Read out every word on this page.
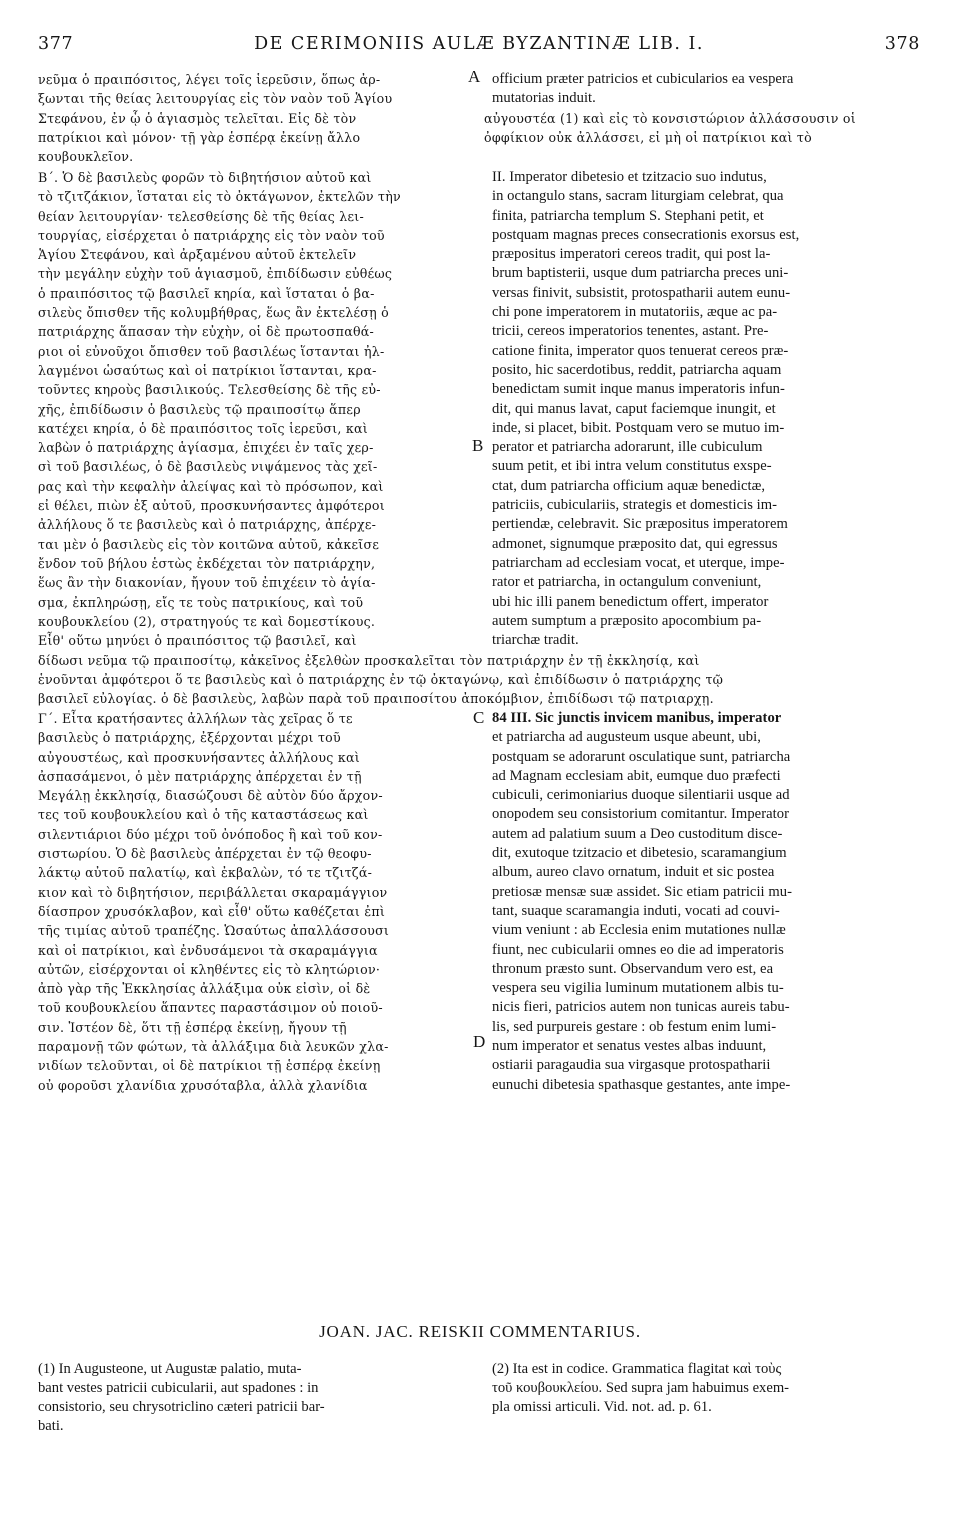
377	DE CERIMONIIS AULÆ BYZANTINÆ LIB. I.	378
νεῦμα ὁ πραιπόσιτος, λέγει τοῖς ἱερεῦσιν, ὅπως ἀρ-
ξωνται τῆς θείας λειτουργίας εἰς τὸν ναὸν τοῦ Ἁγίου
Στεφάνου, ἐν ᾧ ὁ ἁγιασμὸς τελεῖται. Εἰς δὲ τὸν
πατρίκιοι καὶ μόνον· τῇ γὰρ ἑσπέρᾳ ἐκείνῃ ἄλλο
κουβουκλεῖον.
A officium præter patricios et cubicularios ea vespera
mutatorias induit.
αὐγουστέα (1) καὶ εἰς τὸ κονσιστώριον ἀλλάσσουσιν οἱ
ὀφφίκιον οὐκ ἀλλάσσει, εἰ μὴ οἱ πατρίκιοι καὶ τὸ
Β΄. Ὁ δὲ βασιλεὺς φορῶν τὸ διβητήσιον αὐτοῦ καὶ
τὸ τζιτζάκιον, ἵσταται εἰς τὸ ὀκτάγωνον, ἐκτελῶν τὴν
θείαν λειτουργίαν· τελεσθείσης δὲ τῆς θείας λει-
τουργίας, εἰσέρχεται ὁ πατριάρχης εἰς τὸν ναὸν τοῦ
Ἁγίου Στεφάνου, καὶ ἀρξαμένου αὐτοῦ ἐκτελεῖν
τὴν μεγάλην εὐχὴν τοῦ ἁγιασμοῦ, ἐπιδίδωσιν εὐθέως
ὁ πραιπόσιτος τῷ βασιλεῖ κηρία, καὶ ἵσταται ὁ βα-
σιλεὺς ὄπισθεν τῆς κολυμβήθρας, ἕως ἂν ἐκτελέσῃ ὁ
πατριάρχης ἅπασαν τὴν εὐχὴν, οἱ δὲ πρωτοσπαθά-
ριοι οἱ εὐνοῦχοι ὄπισθεν τοῦ βασιλέως ἵστανται ἠλ-
λαγμένοι ὡσαύτως καὶ οἱ πατρίκιοι ἵστανται, κρα-
τοῦντες κηροὺς βασιλικούς. Τελεσθείσης δὲ τῆς εὐ-
χῆς, ἐπιδίδωσιν ὁ βασιλεὺς τῷ πραιποσίτῳ ἅπερ
κατέχει κηρία, ὁ δὲ πραιπόσιτος τοῖς ἱερεῦσι, καὶ
λαβὼν ὁ πατριάρχης ἁγίασμα, ἐπιχέει ἐν ταῖς χερ-
σὶ τοῦ βασιλέως, ὁ δὲ βασιλεὺς νιψάμενος τὰς χεῖ-
ρας καὶ τὴν κεφαλὴν ἀλείψας καὶ τὸ πρόσωπον, καὶ
εἰ θέλει, πιὼν ἐξ αὐτοῦ, προσκυνήσαντες ἀμφότεροι
ἀλλήλους ὅ τε βασιλεὺς καὶ ὁ πατριάρχης, ἀπέρχε-
ται μὲν ὁ βασιλεὺς εἰς τὸν κοιτῶνα αὐτοῦ, κἀκεῖσε
ἔνδον τοῦ βήλου ἑστὼς ἐκδέχεται τὸν πατριάρχην,
ἕως ἂν τὴν διακονίαν, ἤγουν τοῦ ἐπιχέειν τὸ ἁγία-
σμα, ἐκπληρώσῃ, εἴς τε τοὺς πατρικίους, καὶ τοῦ
κουβουκλείου (2), στρατηγούς τε καὶ δομεστίκους.
Εἶθ' οὕτω μηνύει ὁ πραιπόσιτος τῷ βασιλεῖ, καὶ
B
II. Imperator dibetesio et tzitzacio suo indutus,
in octangulo stans, sacram liturgiam celebrat, qua
finita, patriarcha templum S. Stephani petit, et
postquam magnas preces consecrationis exorsus est,
præpositus imperatori cereos tradit, qui post la-
brum baptisterii, usque dum patriarcha preces uni-
versas finivit, subsistit, protospatharii autem eunu-
chi pone imperatorem in mutatoriis, æque ac pa-
tricii, cereos imperatorios tenentes, astant. Pre-
catione finita, imperator quos tenuerat cereos præ-
posito, hic sacerdotibus, reddit, patriarcha aquam
benedictam sumit inque manus imperatoris infun-
dit, qui manus lavat, caput faciemque inungit, et
inde, si placet, bibit. Postquam vero se mutuo im-
perator et patriarcha adorarunt, ille cubiculum
suum petit, et ibi intra velum constitutus exspe-
ctat, dum patriarcha officium aquæ benedictæ,
patriciis, cubiculariis, strategis et domesticis im-
pertiendæ, celebravit. Sic præpositus imperatorem
admonet, signumque præposito dat, qui egressus
patriarcham ad ecclesiam vocat, et uterque, impe-
rator et patriarcha, in octangulum conveniunt,
ubi hic illi panem benedictum offert, imperator
autem sumptum a præposito apocombium pa-
triarchæ tradit.
δίδωσι νεῦμα τῷ πραιποσίτῳ, κἀκεῖνος ἐξελθὼν προσκαλεῖται τὸν πατριάρχην ἐν τῇ ἐκκλησίᾳ, καὶ
ἑνοῦνται ἀμφότεροι ὅ τε βασιλεὺς καὶ ὁ πατριάρχης ἐν τῷ ὀκταγώνῳ, καὶ ἐπιδίδωσιν ὁ πατριάρχης τῷ
βασιλεῖ εὐλογίας. ὁ δὲ βασιλεὺς, λαβὼν παρὰ τοῦ πραιποσίτου ἀποκόμβιον, ἐπιδίδωσι τῷ πατριαρχῃ.
Γ΄. Εἶτα κρατήσαντες ἀλλήλων τὰς χεῖρας ὅ τε
βασιλεὺς ὁ πατριάρχης, ἐξέρχονται μέχρι τοῦ
αὐγουστέως, καὶ προσκυνήσαντες ἀλλήλους καὶ
ἀσπασάμενοι, ὁ μὲν πατριάρχης ἀπέρχεται ἐν τῇ
Μεγάλῃ ἐκκλησίᾳ, διασώζουσι δὲ αὐτὸν δύο ἄρχον-
τες τοῦ κουβουκλείου καὶ ὁ τῆς καταστάσεως καὶ
σιλεντιάριοι δύο μέχρι τοῦ ὀνόποδος ἢ καὶ τοῦ κον-
σιστωρίου. Ὁ δὲ βασιλεὺς ἀπέρχεται ἐν τῷ θεοφυ-
λάκτῳ αὐτοῦ παλατίῳ, καὶ ἐκβαλὼν, τό τε τζιτζά-
κιον καὶ τὸ διβητήσιον, περιβάλλεται σκαραμάγγιον
δίασπρον χρυσόκλαβον, καὶ εἶθ' οὕτω καθέζεται ἐπὶ
τῆς τιμίας αὐτοῦ τραπέζης. Ὡσαύτως ἀπαλλάσσουσι
καὶ οἱ πατρίκιοι, καὶ ἐνδυσάμενοι τὰ σκαραμάγγια
αὐτῶν, εἰσέρχονται οἱ κληθέντες εἰς τὸ κλητώριον·
ἀπὸ γὰρ τῆς Ἐκκλησίας ἀλλάξιμα οὐκ εἰσὶν, οἱ δὲ
τοῦ κουβουκλείου ἅπαντες παραστάσιμον οὐ ποιοῦ-
σιν. Ἰστέον δὲ, ὅτι τῇ ἑσπέρᾳ ἐκείνῃ, ἤγουν τῇ
παραμονῇ τῶν φώτων, τὰ ἀλλάξιμα διὰ λευκῶν χλα-
νιδίων τελοῦνται, οἱ δὲ πατρίκιοι τῇ ἑσπέρᾳ ἐκείνῃ
οὐ φοροῦσι χλανίδια χρυσόταβλα, ἀλλὰ χλανίδια
C
D
84 III. Sic junctis invicem manibus, imperator
et patriarcha ad augusteum usque abeunt, ubi,
postquam se adorarunt osculatique sunt, patriarcha
ad Magnam ecclesiam abit, eumque duo præfecti
cubiculi, cerimoniarius duoque silentiarii usque ad
onopodem seu consistorium comitantur. Imperator
autem ad palatium suum a Deo custoditum disce-
dit, exutoque tzitzacio et dibetesio, scaramangium
album, aureo clavo ornatum, induit et sic postea
pretiosæ mensæ suæ assidet. Sic etiam patricii mu-
tant, suaque scaramangia induti, vocati ad couvi-
vium veniunt : ab Ecclesia enim mutationes nullæ
fiunt, nec cubicularii omnes eo die ad imperatoris
thronum præsto sunt. Observandum vero est, ea
vespera seu vigilia luminum mutationem albis tu-
nicis fieri, patricios autem non tunicas aureis tabu-
lis, sed purpureis gestare : ob festum enim lumi-
num imperator et senatus vestes albas induunt,
ostiarii paragaudia sua virgasque protospatharii
eunuchi dibetesia spathasque gestantes, ante impe-
JOAN. JAC. REISKII COMMENTARIUS.
(1) In Augusteone, ut Augustæ palatio, muta-
bant vestes patricii cubicularii, aut spadones : in
consistorio, seu chrysotriclino cæteri patricii bar-
bati.
(2) Ita est in codice. Grammatica flagitat καὶ τοὺς
τοῦ κουβουκλείου. Sed supra jam habuimus exem-
pla omissi articuli. Vid. not. ad. p. 61.
